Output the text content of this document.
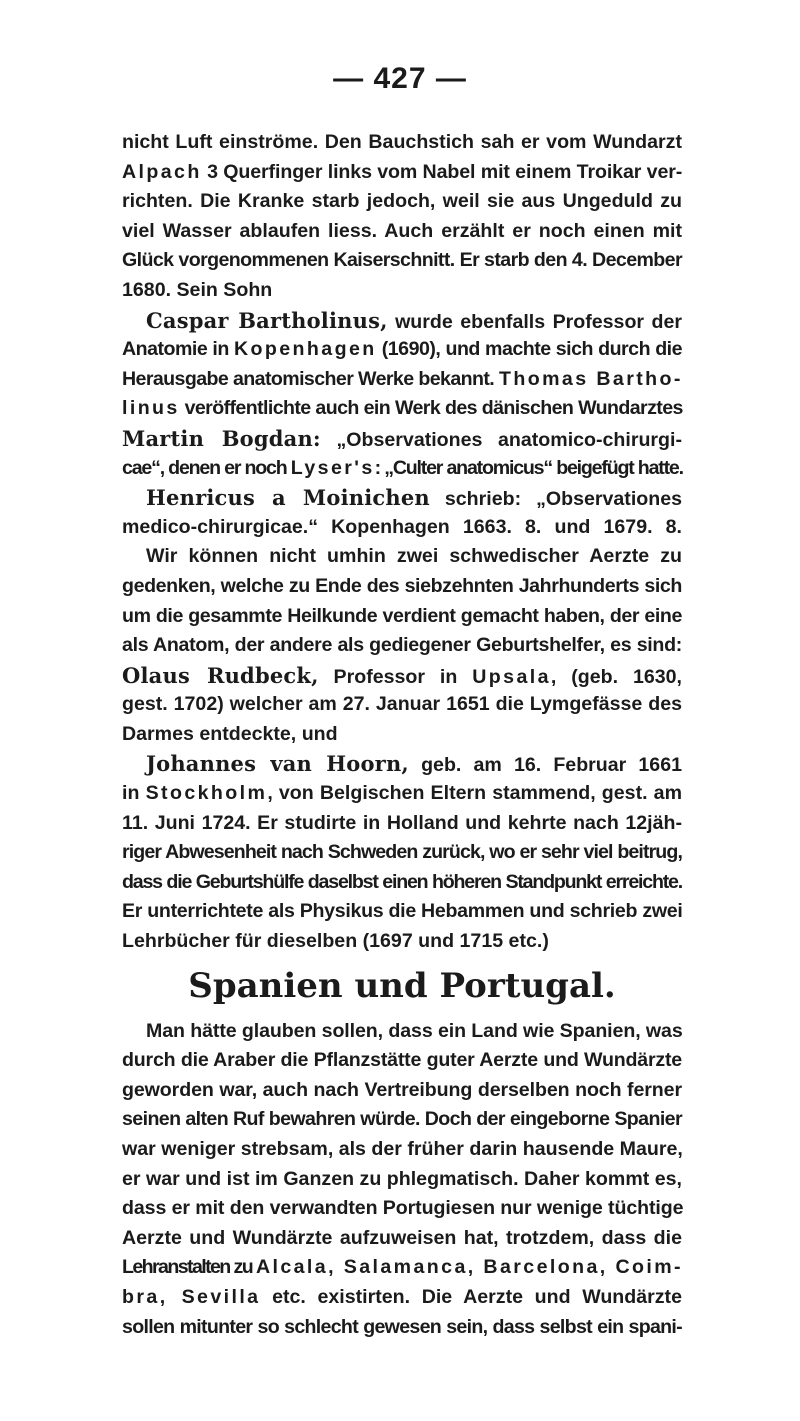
— 427 —
nicht Luft einströme. Den Bauchstich sah er vom Wundarzt
Alpach 3 Querfinger links vom Nabel mit einem Troikar ver-
richten. Die Kranke starb jedoch, weil sie aus Ungeduld zu
viel Wasser ablaufen liess. Auch erzählt er noch einen mit
Glück vorgenommenen Kaiserschnitt. Er starb den 4. December
1680. Sein Sohn
Caspar Bartholinus, wurde ebenfalls Professor der
Anatomie in Kopenhagen (1690), und machte sich durch die
Herausgabe anatomischer Werke bekannt. Thomas Bartho-
linus veröffentlichte auch ein Werk des dänischen Wundarztes
Martin Bogdan: „Observationes anatomico-chirurgi-
cae“, denen er noch Lyser's: „Culter anatomicus“ beigefügt hatte.
Henricus a Moinichen schrieb: „Observationes
medico-chirurgicae.“ Kopenhagen 1663. 8. und 1679. 8.
Wir können nicht umhin zwei schwedischer Aerzte zu
gedenken, welche zu Ende des siebzehnten Jahrhunderts sich
um die gesammte Heilkunde verdient gemacht haben, der eine
als Anatom, der andere als gediegener Geburtshelfer, es sind:
Olaus Rudbeck, Professor in Upsala, (geb. 1630,
gest. 1702) welcher am 27. Januar 1651 die Lymgefässe des
Darmes entdeckte, und
Johannes van Hoorn, geb. am 16. Februar 1661
in Stockholm, von Belgischen Eltern stammend, gest. am
11. Juni 1724. Er studirte in Holland und kehrte nach 12jäh-
riger Abwesenheit nach Schweden zurück, wo er sehr viel beitrug,
dass die Geburtshülfe daselbst einen höheren Standpunkt erreichte.
Er unterrichtete als Physikus die Hebammen und schrieb zwei
Lehrbücher für dieselben (1697 und 1715 etc.)
Spanien und Portugal.
Man hätte glauben sollen, dass ein Land wie Spanien, was
durch die Araber die Pflanzstätte guter Aerzte und Wundärzte
geworden war, auch nach Vertreibung derselben noch ferner
seinen alten Ruf bewahren würde. Doch der eingeborne Spanier
war weniger strebsam, als der früher darin hausende Maure,
er war und ist im Ganzen zu phlegmatisch. Daher kommt es,
dass er mit den verwandten Portugiesen nur wenige tüchtige
Aerzte und Wundärzte aufzuweisen hat, trotzdem, dass die
Lehranstalten zu Alcala, Salamanca, Barcelona, Coim-
bra, Sevilla etc. existirten. Die Aerzte und Wundärzte
sollen mitunter so schlecht gewesen sein, dass selbst ein spani-
